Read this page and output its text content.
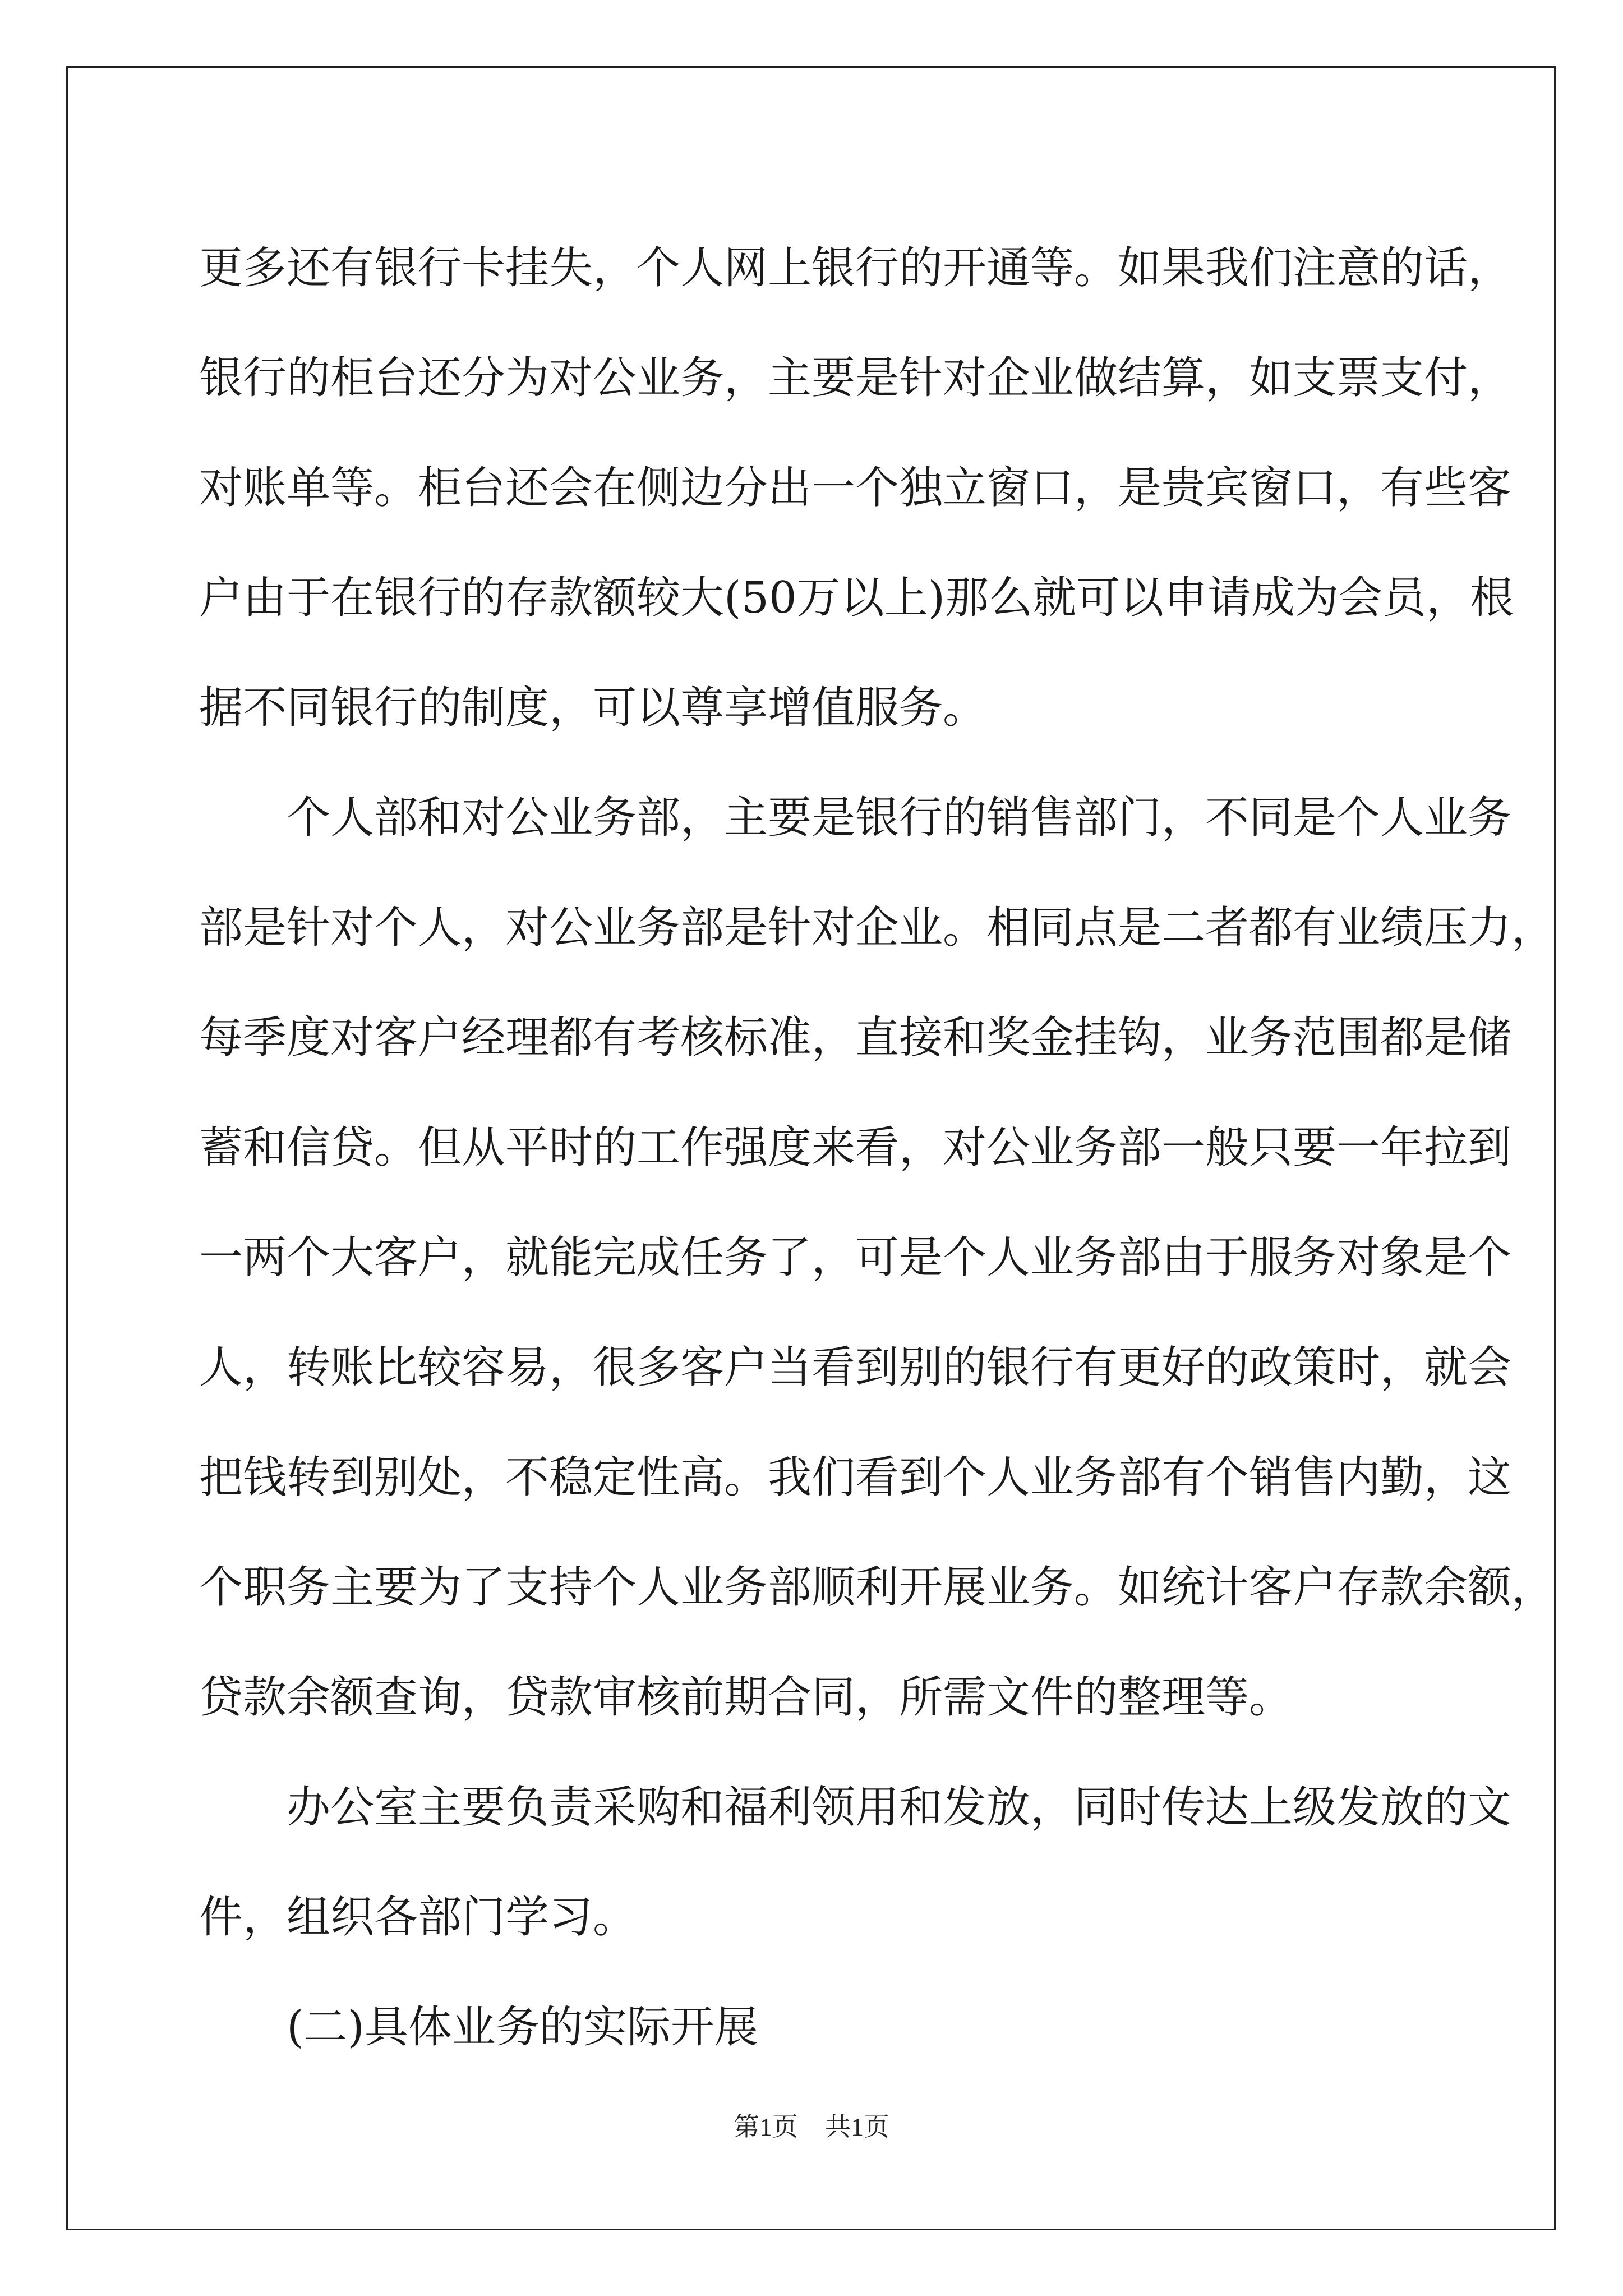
更多还有银行卡挂失，个人网上银行的开通等。如果我们注意的话，
银行的柜台还分为对公业务，主要是针对企业做结算，如支票支付，
对账单等。柜台还会在侧边分出一个独立窗口，是贵宾窗口，有些客
户由于在银行的存款额较大(50万以上)那么就可以申请成为会员，根
据不同银行的制度，可以尊享增值服务。
个人部和对公业务部，主要是银行的销售部门，不同是个人业务
部是针对个人，对公业务部是针对企业。相同点是二者都有业绩压力，
每季度对客户经理都有考核标准，直接和奖金挂钩，业务范围都是储
蓄和信贷。但从平时的工作强度来看，对公业务部一般只要一年拉到
一两个大客户，就能完成任务了，可是个人业务部由于服务对象是个
人，转账比较容易，很多客户当看到别的银行有更好的政策时，就会
把钱转到别处，不稳定性高。我们看到个人业务部有个销售内勤，这
个职务主要为了支持个人业务部顺利开展业务。如统计客户存款余额，
贷款余额查询，贷款审核前期合同，所需文件的整理等。
办公室主要负责采购和福利领用和发放，同时传达上级发放的文
件，组织各部门学习。
(二)具体业务的实际开展
第1页 共1页
